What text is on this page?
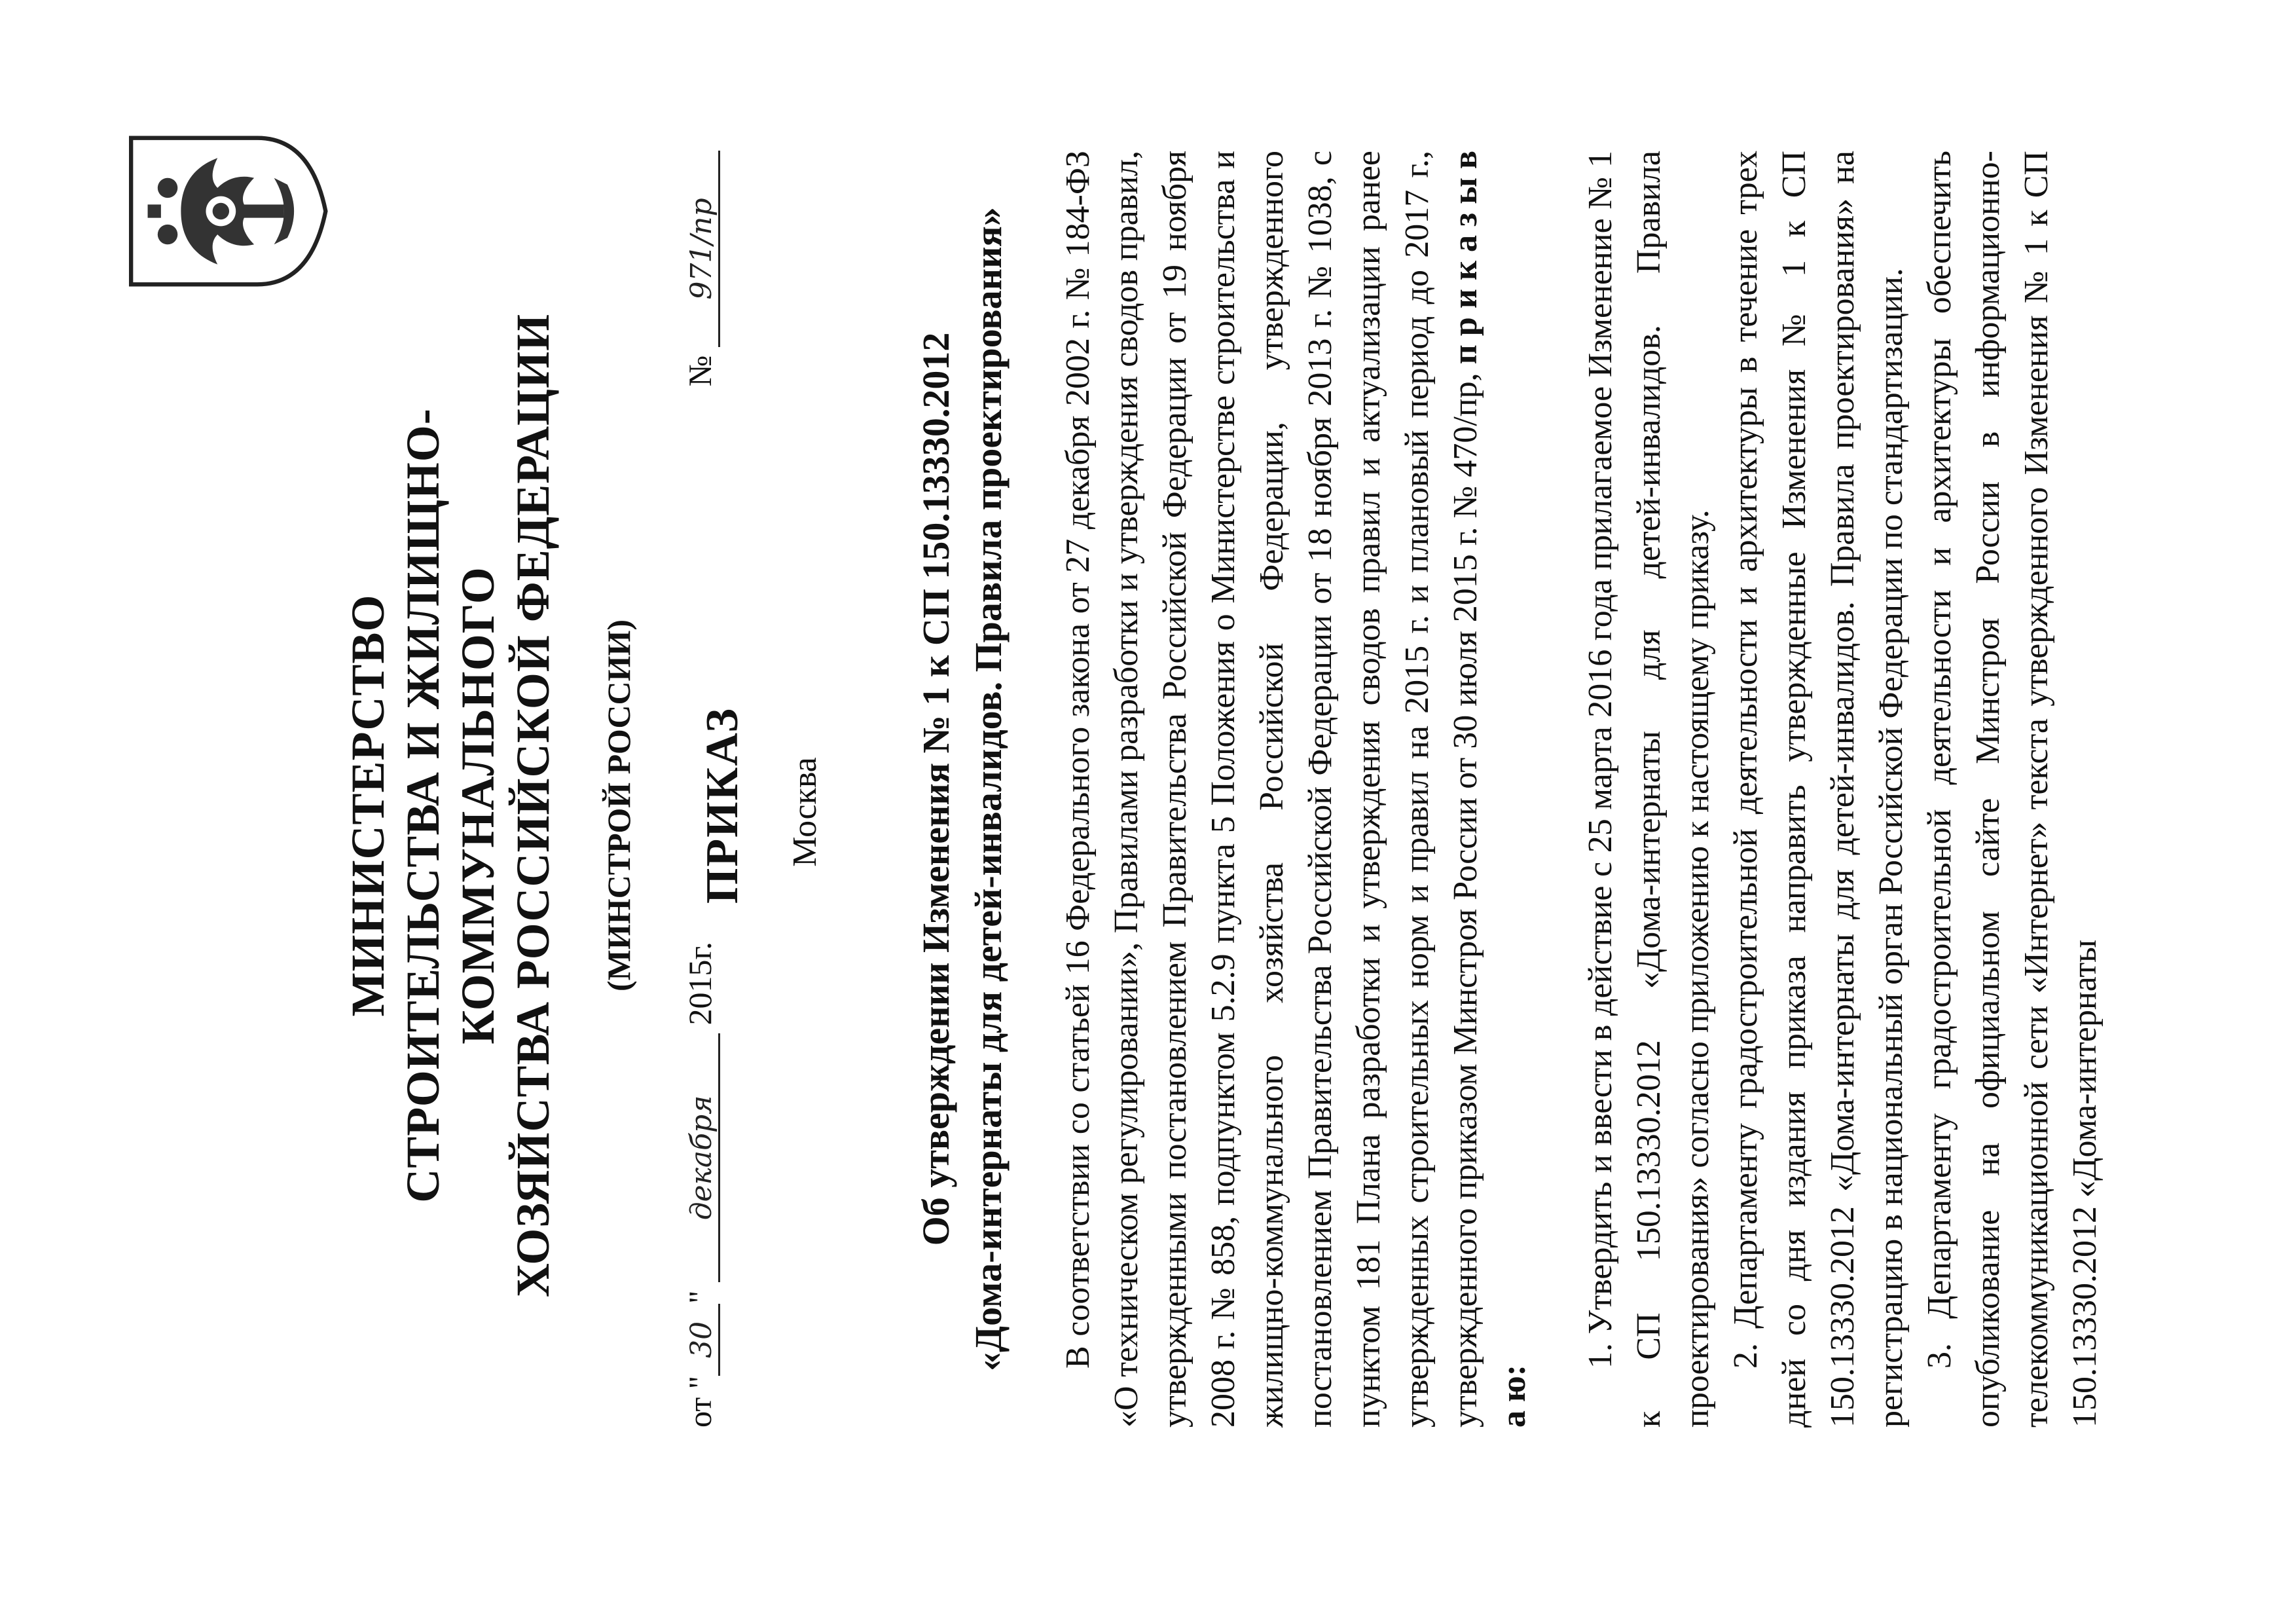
МИНИСТЕРСТВО СТРОИТЕЛЬСТВА И ЖИЛИЩНО-КОММУНАЛЬНОГО ХОЗЯЙСТВА РОССИЙСКОЙ ФЕДЕРАЦИИ (МИНСТРОЙ РОССИИ) ПРИКАЗ
от "30" декабря 2015г.
№ 971/пр
Москва Об утверждении Изменения № 1 к СП 150.13330.2012 «Дома-интернаты для детей-инвалидов. Правила проектирования» В соответствии со статьей 16 Федерального закона от 27 декабря 2002 г. № 184-ФЗ «О техническом регулировании», Правилами разработки и утверждения сводов правил, утвержденными постановлением Правительства Российской Федерации от 19 ноября 2008 г. № 858, подпунктом 5.2.9 пункта 5 Положения о Министерстве строительства и жилищно-коммунального хозяйства Российской Федерации, утвержденного постановлением Правительства Российской Федерации от 18 ноября 2013 г. № 1038, с пунктом 181 Плана разработки и утверждения сводов правил и актуализации ранее утвержденных строительных норм и правил на 2015 г. и плановый период до 2017 г., утвержденного приказом Минстроя России от 30 июля 2015 г. № 470/пр, п р и к а з ы в а ю:

1. Утвердить и ввести в действие с 25 марта 2016 года прилагаемое Изменение № 1 к СП 150.13330.2012 «Дома-интернаты для детей-инвалидов. Правила проектирования» согласно приложению к настоящему приказу. 2. Департаменту градостроительной деятельности и архитектуры в течение трех дней со дня издания приказа направить утвержденные Изменения № 1 к СП 150.13330.2012 «Дома-интернаты для детей-инвалидов. Правила проектирования» на регистрацию в национальный орган Российской Федерации по стандартизации. 3. Департаменту градостроительной деятельности и архитектуры обеспечить опубликование на официальном сайте Минстроя России в информационно-телекоммуникационной сети «Интернет» текста утвержденного Изменения № 1 к СП 150.13330.2012 «Дома-интернаты
